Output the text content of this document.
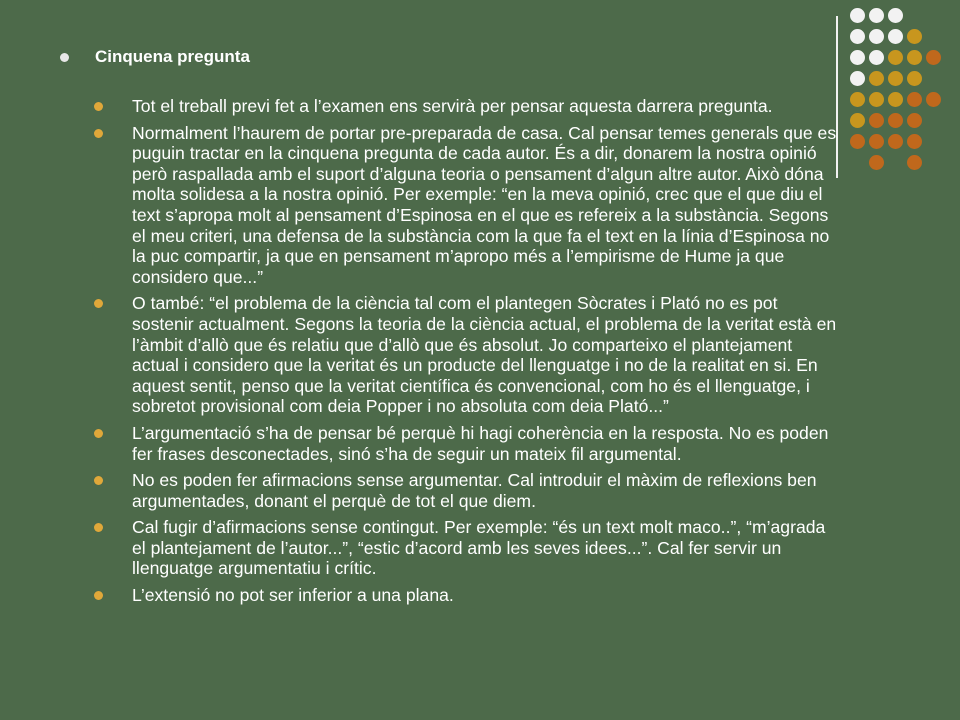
Cinquena pregunta
Tot el treball previ fet a l’examen ens servirà per pensar aquesta darrera pregunta.
Normalment l’haurem de portar pre-preparada de casa. Cal pensar temes generals que es puguin tractar en la cinquena pregunta de cada autor. És a dir, donarem la nostra opinió però raspallada amb el suport d’alguna teoria o pensament d’algun altre autor. Això dóna molta solidesa a la nostra opinió. Per exemple: “en la meva opinió, crec que el que diu el text s’apropa molt al pensament d’Espinosa en el que es refereix a la substància. Segons el meu criteri, una defensa de la substància com la que fa el text en la línia d’Espinosa no la puc compartir, ja que en pensament m’apropo més a l’empirisme de Hume ja que considero que...”
O també: “el problema de la ciència tal com el plantegen Sòcrates i Plató no es pot sostenir actualment. Segons la teoria de la ciència actual, el problema de la veritat està en l’àmbit d’allò que és relatiu que d’allò que és absolut. Jo comparteixo el plantejament actual i considero que la veritat és un producte del llenguatge i no de la realitat en si. En aquest sentit, penso que la veritat científica és convencional, com ho és el llenguatge, i sobretot provisional com deia Popper i no absoluta com deia Plató...”
L’argumentació s’ha de pensar bé perquè hi hagi coherència en la resposta. No es poden fer frases desconectades, sinó s’ha de seguir un mateix fil argumental.
No es poden fer afirmacions sense argumentar. Cal introduir el màxim de reflexions ben argumentades, donant el perquè de tot el que diem.
Cal fugir d’afirmacions sense contingut. Per exemple: “és un text molt maco..”, “m’agrada el plantejament de l’autor...”, “estic d’acord amb les seves idees...”. Cal fer servir un llenguatge argumentatiu i crític.
L’extensió no pot ser inferior a una plana.
